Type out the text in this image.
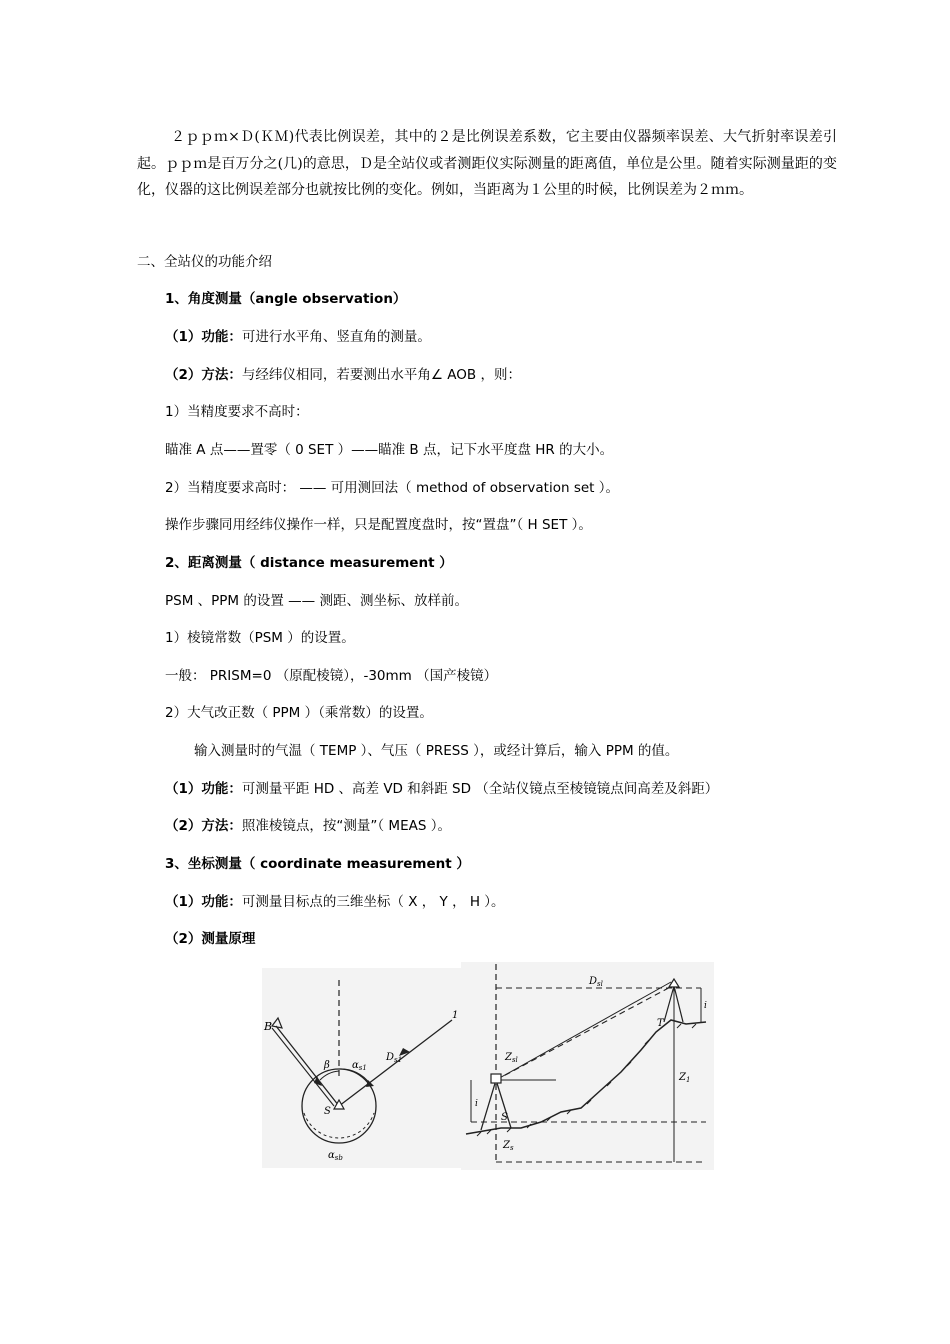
２ｐｐｍ×Ｄ(ＫＭ)代表比例误差，其中的２是比例误差系数，它主要由仪器频率误差、大气折射率误差引起。ｐｐｍ是百万分之(几)的意思，Ｄ是全站仪或者测距仪实际测量的距离值，单位是公里。随着实际测量距的变化，仪器的这比例误差部分也就按比例的变化。例如，当距离为１公里的时候，比例误差为２ｍｍ。
二、全站仪的功能介绍
1、角度测量（angle observation）
（1）功能：可进行水平角、竖直角的测量。
（2）方法：与经纬仪相同，若要测出水平角∠ AOB ，则：
1）当精度要求不高时：
瞄准 A 点——置零（ 0 SET ）——瞄准 B 点，记下水平度盘 HR 的大小。
2）当精度要求高时： —— 可用测回法（ method of observation set ）。
操作步骤同用经纬仪操作一样，只是配置度盘时，按“置盘”（ H SET ）。
2、距离测量（ distance measurement ）
PSM 、PPM 的设置 —— 测距、测坐标、放样前。
1）棱镜常数（PSM ）的设置。
一般： PRISM=0 （原配棱镜），-30mm （国产棱镜）
2）大气改正数（ PPM ）（乘常数）的设置。
输入测量时的气温（ TEMP ）、气压（ PRESS ），或经计算后，输入 PPM 的值。
（1）功能：可测量平距 HD 、高差 VD 和斜距 SD （全站仪镜点至棱镜镜点间高差及斜距）
（2）方法：照准棱镜点，按“测量”（ MEAS ）。
3、坐标测量（ coordinate measurement ）
（1）功能：可测量目标点的三维坐标（ X ， Y ， H ）。
（2）测量原理
B
1
S
β $\alpha_{s1}$
$D_{s1}$
$\alpha_{sb}$
$D_{sl}$
i
T
$Z_1$
$Z_{sl}$
i
S
$Z_s$
